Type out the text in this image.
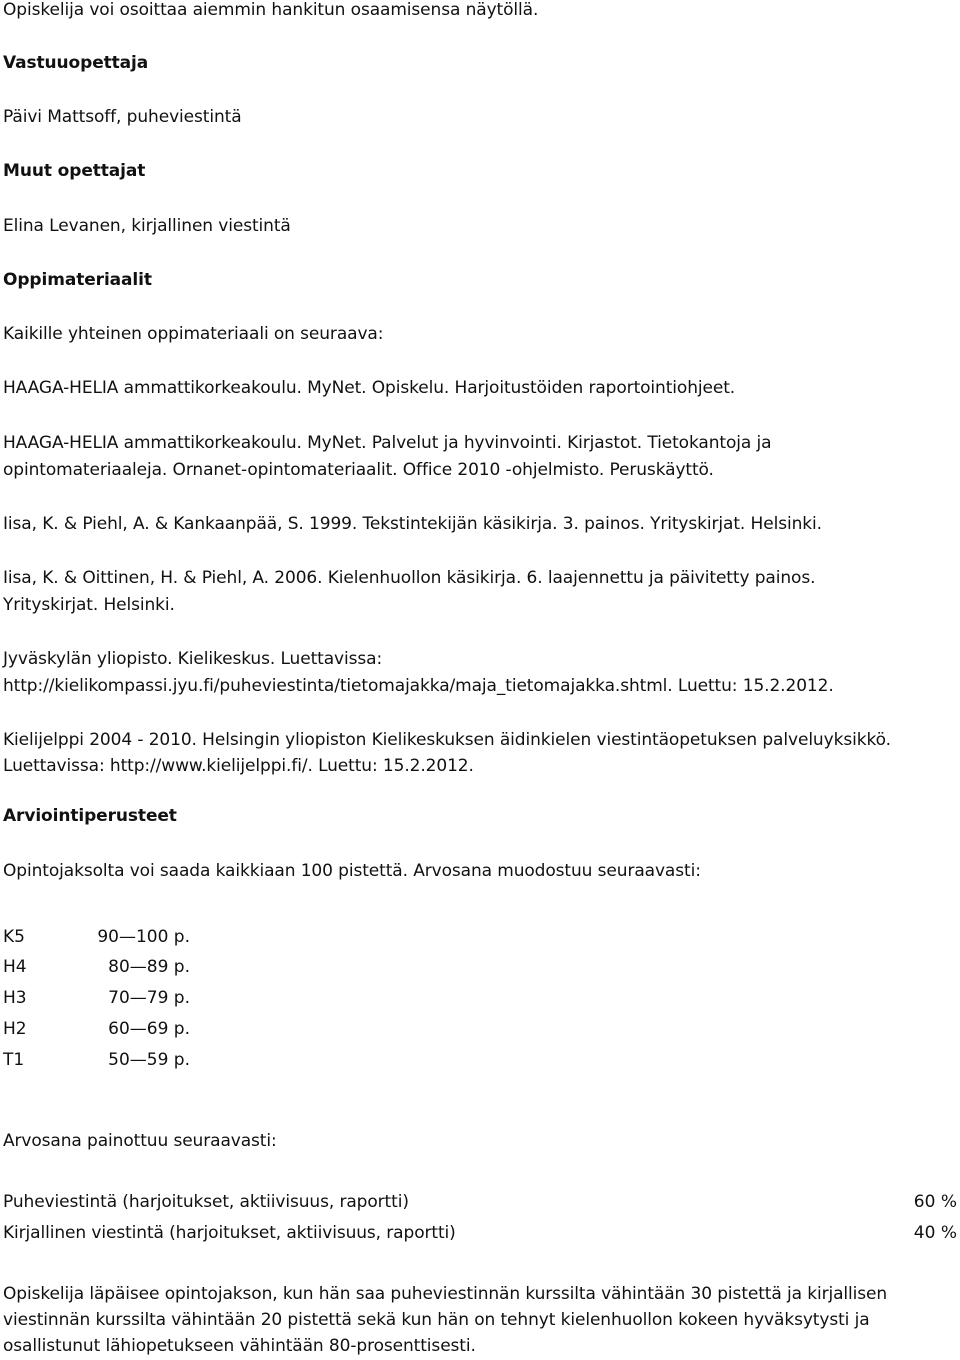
Opiskelija voi osoittaa aiemmin hankitun osaamisensa näytöllä.
Vastuuopettaja
Päivi Mattsoff, puheviestintä
Muut opettajat
Elina Levanen, kirjallinen viestintä
Oppimateriaalit
Kaikille yhteinen oppimateriaali on seuraava:
HAAGA-HELIA ammattikorkeakoulu. MyNet. Opiskelu. Harjoitustöiden raportointiohjeet.
HAAGA-HELIA ammattikorkeakoulu. MyNet. Palvelut ja hyvinvointi. Kirjastot. Tietokantoja ja
opintomateriaaleja. Ornanet-opintomateriaalit. Office 2010 -ohjelmisto. Peruskäyttö.
Iisa, K. & Piehl, A. & Kankaanpää, S. 1999. Tekstintekijän käsikirja. 3. painos. Yrityskirjat. Helsinki.
Iisa, K. & Oittinen, H. & Piehl, A. 2006. Kielenhuollon käsikirja. 6. laajennettu ja päivitetty painos.
Yrityskirjat. Helsinki.
Jyväskylän yliopisto. Kielikeskus. Luettavissa:
http://kielikompassi.jyu.fi/puheviestinta/tietomajakka/maja_tietomajakka.shtml. Luettu: 15.2.2012.
Kielijelppi 2004 - 2010. Helsingin yliopiston Kielikeskuksen äidinkielen viestintäopetuksen palveluyksikkö.
Luettavissa: http://www.kielijelppi.fi/. Luettu: 15.2.2012.
Arviointiperusteet
Opintojaksolta voi saada kaikkiaan 100 pistettä. Arvosana muodostuu seuraavasti:
K5	90—100 p.
H4	80—89 p.
H3	70—79 p.
H2	60—69 p.
T1	50—59 p.
Arvosana painottuu seuraavasti:
Puheviestintä (harjoitukset, aktiivisuus, raportti)	60 %
Kirjallinen viestintä (harjoitukset, aktiivisuus, raportti)	40 %
Opiskelija läpäisee opintojakson, kun hän saa puheviestinnän kurssilta vähintään 30 pistettä ja kirjallisen
viestinnän kurssilta vähintään 20 pistettä sekä kun hän on tehnyt kielenhuollon kokeen hyväksytysti ja
osallistunut lähiopetukseen vähintään 80-prosenttisesti.
